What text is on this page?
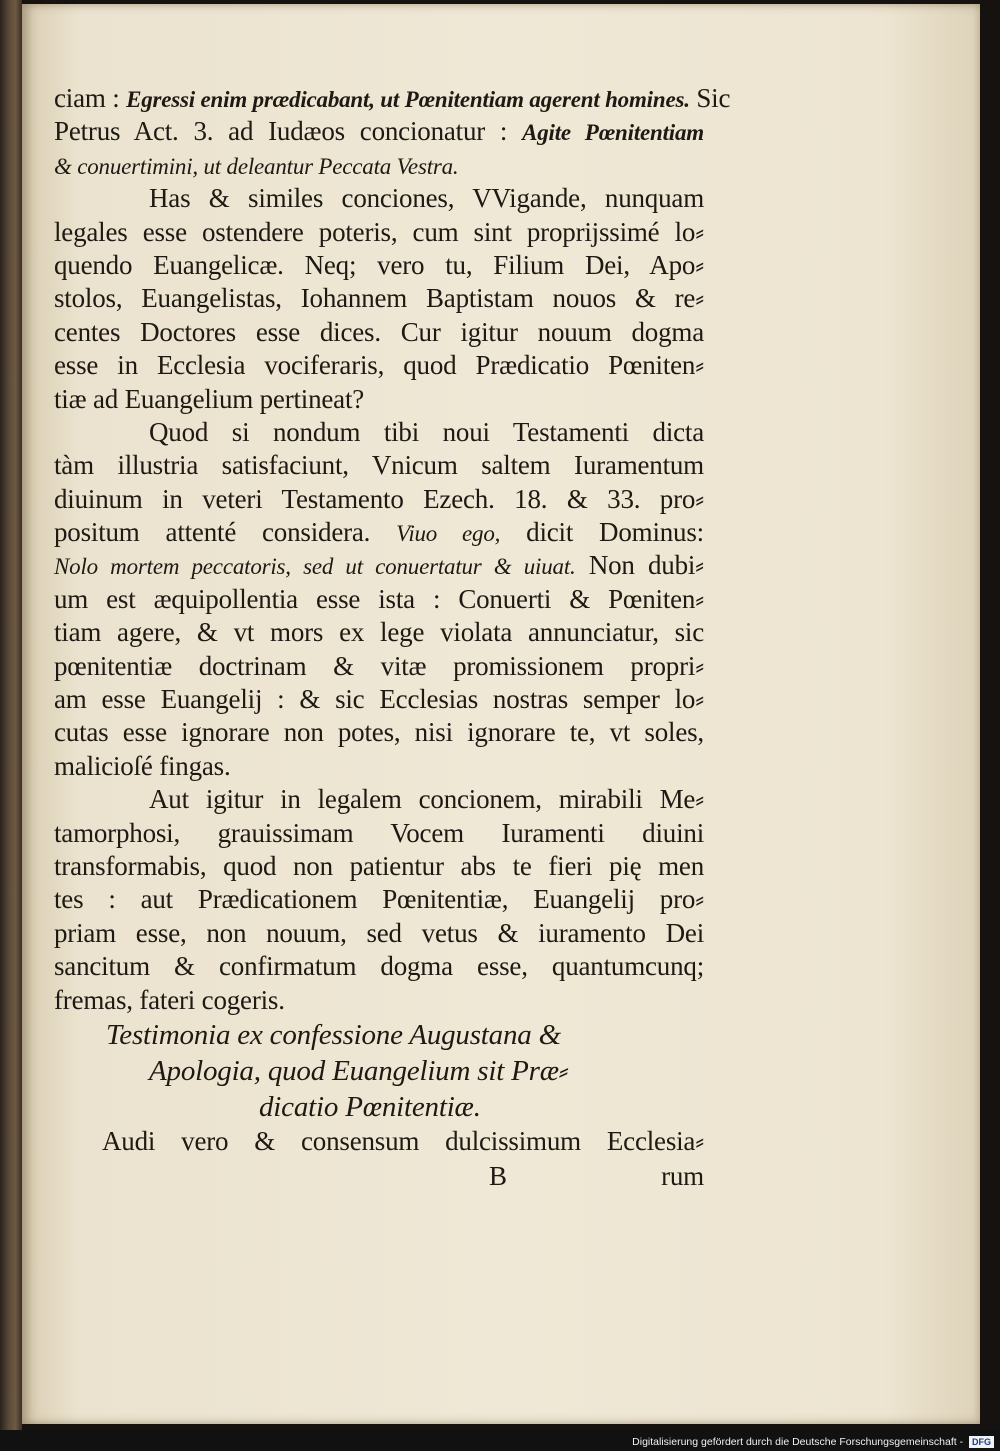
ciam : Egressi enim prædicabant, ut Pœnitentiam agerent homines. Sic
Petrus Act. 3. ad Iudæos concionatur : Agite Pœnitentiam
& conuertimini, ut deleantur Peccata Vestra.
Has & similes conciones, VVigande, nunquam
legales esse ostendere poteris, cum sint proprijssimé lo⸗
quendo Euangelicæ. Neq; vero tu, Filium Dei, Apo⸗
stolos, Euangelistas, Iohannem Baptistam nouos & re⸗
centes Doctores esse dices. Cur igitur nouum dogma
esse in Ecclesia vociferaris, quod Prædicatio Pœniten⸗
tiæ ad Euangelium pertineat?
Quod si nondum tibi noui Testamenti dicta
tàm illustria satisfaciunt, Vnicum saltem Iuramentum
diuinum in veteri Testamento Ezech. 18. & 33. pro⸗
positum attenté considera. Viuo ego, dicit Dominus:
Nolo mortem peccatoris, sed ut conuertatur & uiuat. Non dubi⸗
um est æquipollentia esse ista : Conuerti & Pœniten⸗
tiam agere, & vt mors ex lege violata annunciatur, sic
pœnitentiæ doctrinam & vitæ promissionem propri⸗
am esse Euangelij : & sic Ecclesias nostras semper lo⸗
cutas esse ignorare non potes, nisi ignorare te, vt soles,
malicioſé fingas.
Aut igitur in legalem concionem, mirabili Me⸗
tamorphosi, grauissimam Vocem Iuramenti diuini
transformabis, quod non patientur abs te fieri pię men
tes : aut Prædicationem Pœnitentiæ, Euangelij pro⸗
priam esse, non nouum, sed vetus & iuramento Dei
sancitum & confirmatum dogma esse, quantumcunq;
fremas, fateri cogeris.
Testimonia ex confessione Augustana &
Apologia, quod Euangelium sit Præ⸗
dicatio Pœnitentiæ.
Audi vero & consensum dulcissimum Ecclesia⸗
B	rum
Digitalisierung gefördert durch die Deutsche Forschungsgemeinschaft - DFG
